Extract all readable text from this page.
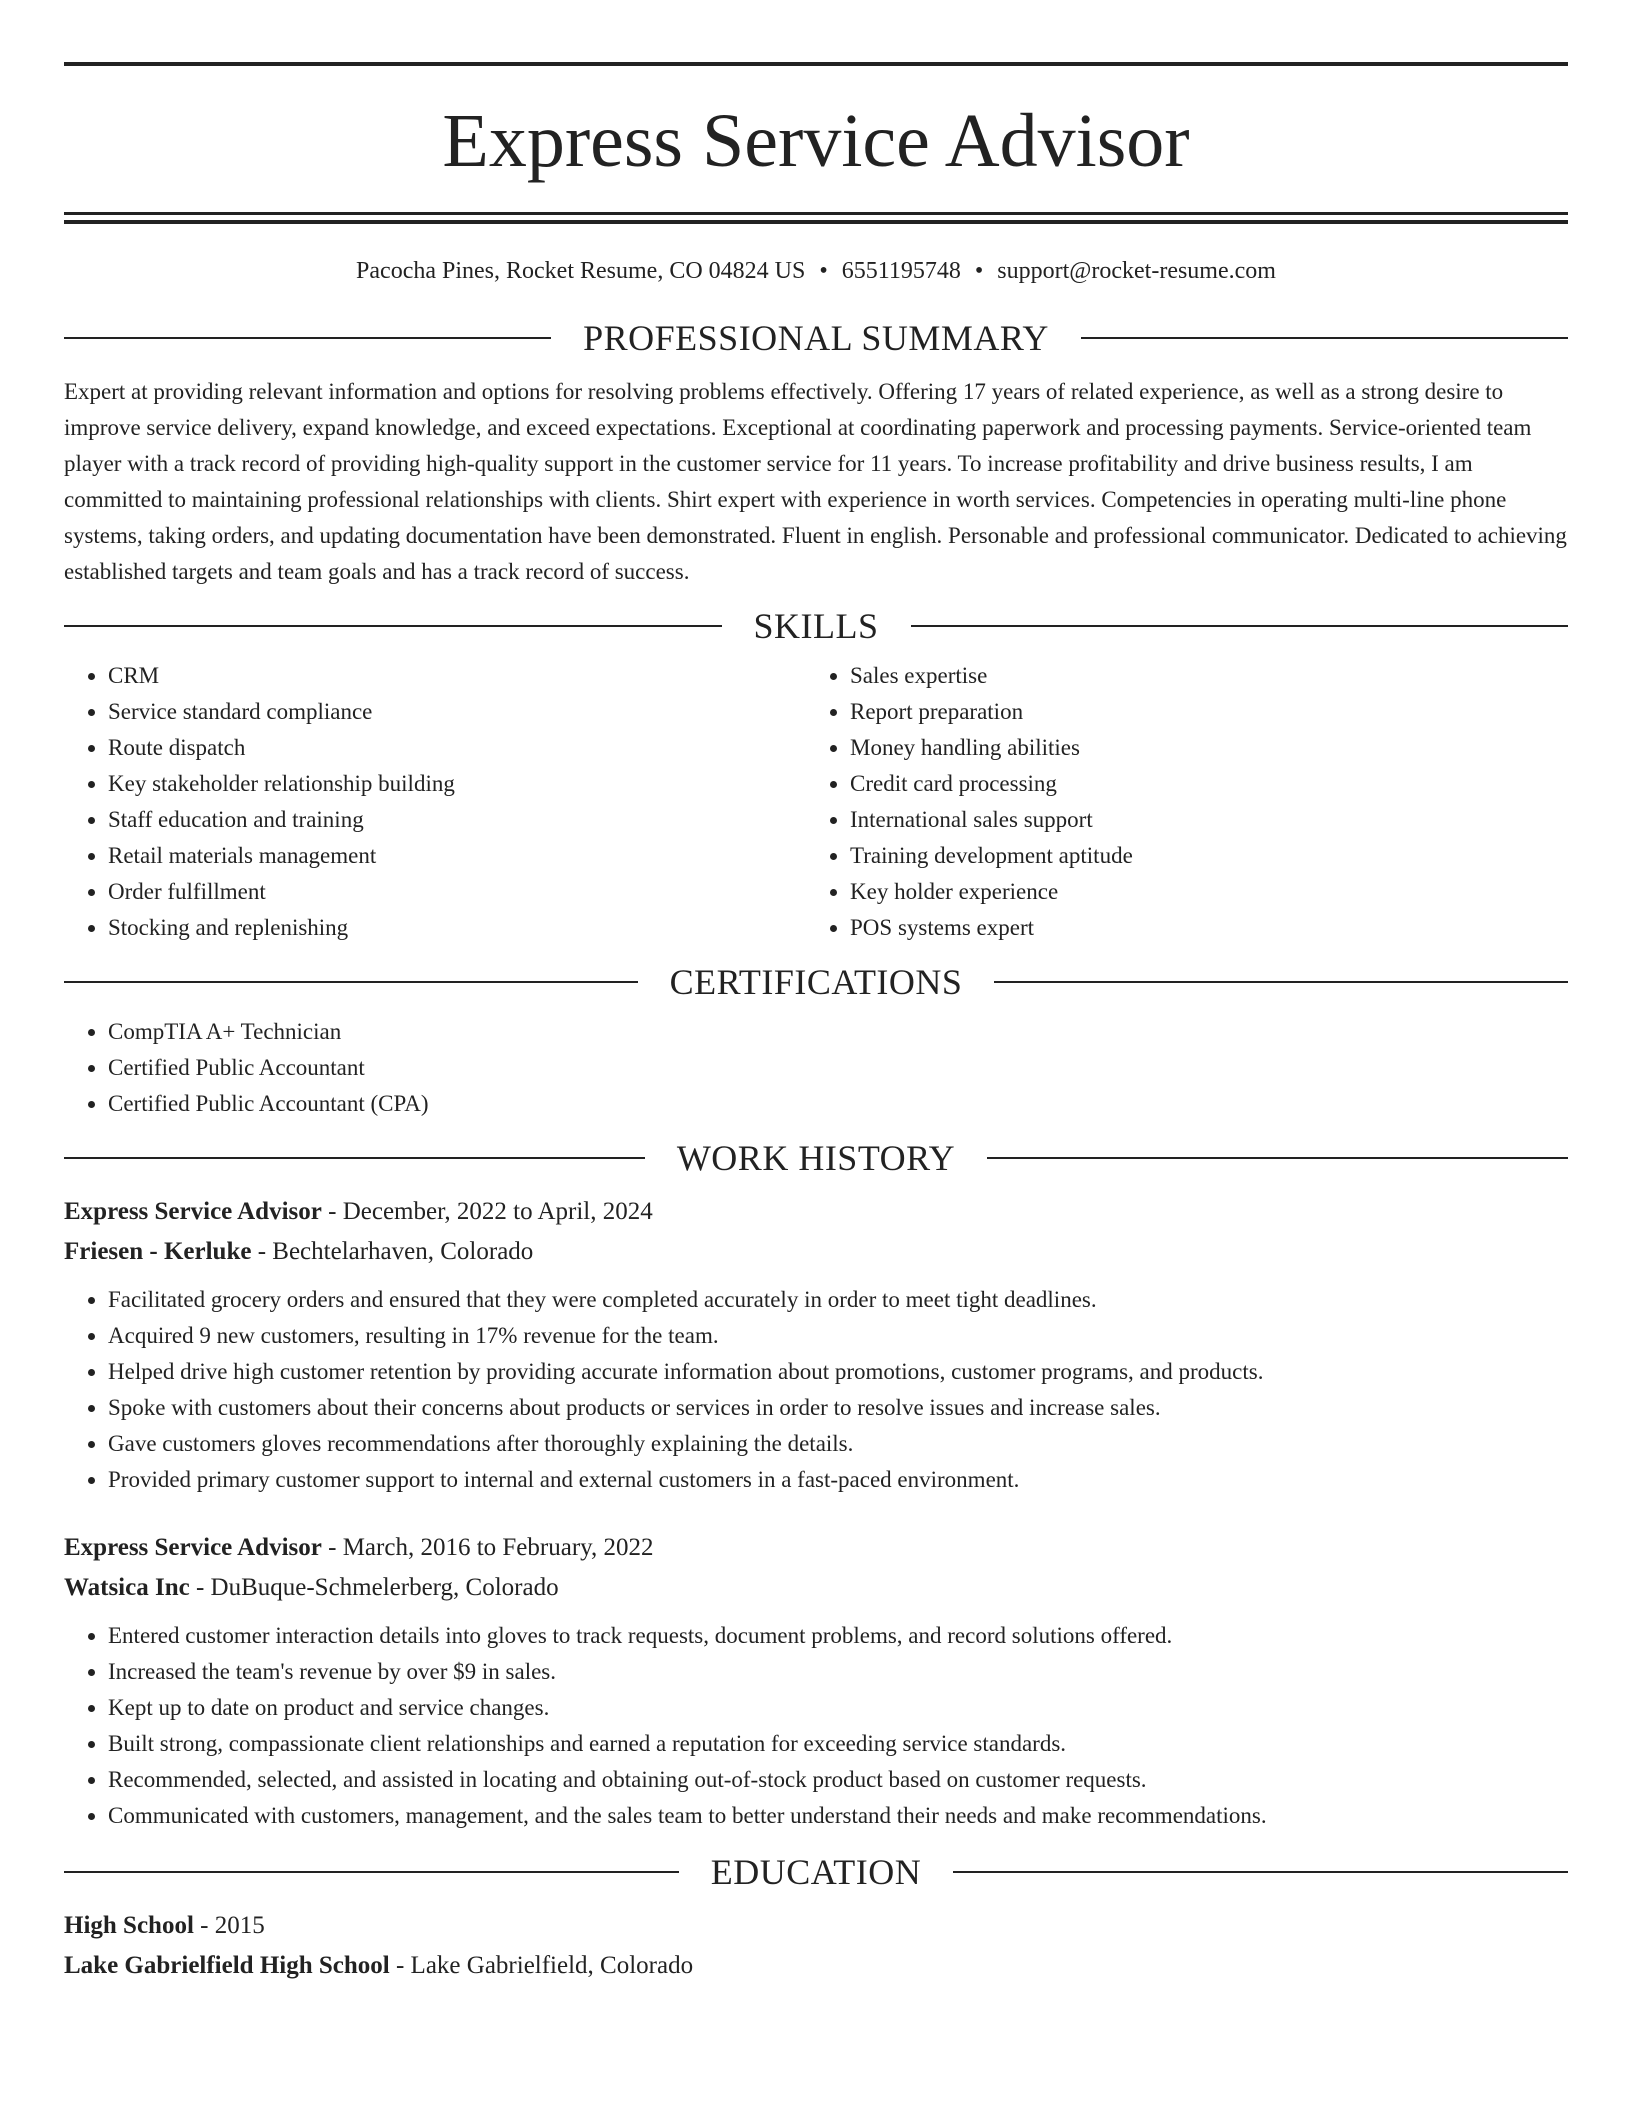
Express Service Advisor
Pacocha Pines, Rocket Resume, CO 04824 US • 6551195748 • support@rocket-resume.com
PROFESSIONAL SUMMARY

Expert at providing relevant information and options for resolving problems effectively. Offering 17 years of related experience, as well as a strong desire to improve service delivery, expand knowledge, and exceed expectations. Exceptional at coordinating paperwork and processing payments. Service-oriented team player with a track record of providing high-quality support in the customer service for 11 years. To increase profitability and drive business results, I am committed to maintaining professional relationships with clients. Shirt expert with experience in worth services. Competencies in operating multi-line phone systems, taking orders, and updating documentation have been demonstrated. Fluent in english. Personable and professional communicator. Dedicated to achieving established targets and team goals and has a track record of success.

SKILLS
• CRM
• Service standard compliance
• Route dispatch
• Key stakeholder relationship building
• Staff education and training
• Retail materials management
• Order fulfillment
• Stocking and replenishing
• Sales expertise
• Report preparation
• Money handling abilities
• Credit card processing
• International sales support
• Training development aptitude
• Key holder experience
• POS systems expert
CERTIFICATIONS
• CompTIA A+ Technician
• Certified Public Accountant
• Certified Public Accountant (CPA)
WORK HISTORY
Express Service Advisor - December, 2022 to April, 2024
Friesen - Kerluke - Bechtelarhaven, Colorado
• Facilitated grocery orders and ensured that they were completed accurately in order to meet tight deadlines.
• Acquired 9 new customers, resulting in 17% revenue for the team.
• Helped drive high customer retention by providing accurate information about promotions, customer programs, and products.
• Spoke with customers about their concerns about products or services in order to resolve issues and increase sales.
• Gave customers gloves recommendations after thoroughly explaining the details.
• Provided primary customer support to internal and external customers in a fast-paced environment.
Express Service Advisor - March, 2016 to February, 2022
Watsica Inc - DuBuque-Schmelerberg, Colorado
• Entered customer interaction details into gloves to track requests, document problems, and record solutions offered.
• Increased the team's revenue by over $9 in sales.
• Kept up to date on product and service changes.
• Built strong, compassionate client relationships and earned a reputation for exceeding service standards.
• Recommended, selected, and assisted in locating and obtaining out-of-stock product based on customer requests.
• Communicated with customers, management, and the sales team to better understand their needs and make recommendations.
EDUCATION
High School - 2015
Lake Gabrielfield High School - Lake Gabrielfield, Colorado
